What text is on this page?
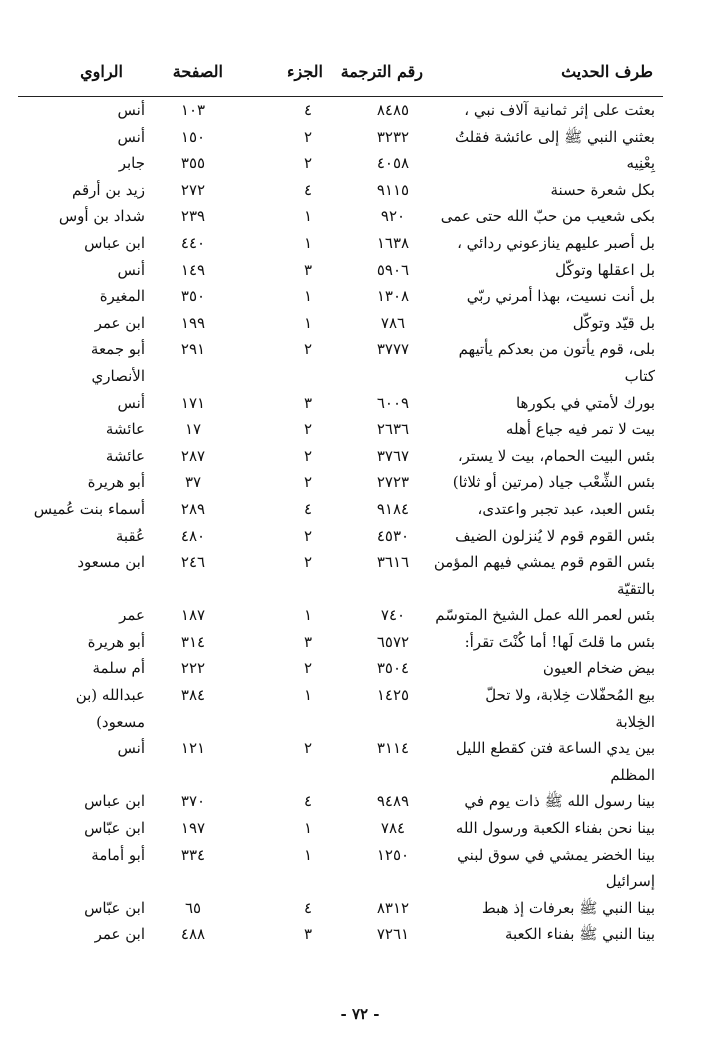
طرف الحديث
رقم الترجمة
الجزء
الصفحة
الراوي
بعثت على إثر ثمانية آلاف نبي ،
٨٤٨٥
٤
١٠٣
أنس
بعثني النبي ﷺ إلى عائشة فقلتُ
٣٢٣٢
٢
١٥٠
أنس
بِعْنِيه
٤٠٥٨
٢
٣٥٥
جابر
بكل شعرة حسنة
٩١١٥
٤
٢٧٢
زيد بن أرقم
بكى شعيب من حبّ الله حتى عمى
٩٢٠
١
٢٣٩
شداد بن أوس
بل أصبر عليهم ينازعوني ردائي ،
١٦٣٨
١
٤٤٠
ابن عباس
بل اعقلها وتوكّل
٥٩٠٦
٣
١٤٩
أنس
بل أنت نسيت، بهذا أمرني ربّي
١٣٠٨
١
٣٥٠
المغيرة
بل قيّد وتوكّل
٧٨٦
١
١٩٩
ابن عمر
بلى، قوم يأتون من بعدكم يأتيهم
٣٧٧٧
٢
٢٩١
أبو جمعة
كتاب
الأنصاري
بورك لأمتي في بكورها
٦٠٠٩
٣
١٧١
أنس
بيت لا تمر فيه جياع أهله
٢٦٣٦
٢
١٧
عائشة
بئس البيت الحمام، بيت لا يستر،
٣٧٦٧
٢
٢٨٧
عائشة
بئس الشِّعْب جياد (مرتين أو ثلاثا)
٢٧٢٣
٢
٣٧
أبو هريرة
بئس العبد، عبد تجبر واعتدى،
٩١٨٤
٤
٢٨٩
أسماء بنت عُميس
بئس القوم قوم لا يُنزلون الضيف
٤٥٣٠
٢
٤٨٠
عُقبة
بئس القوم قوم يمشي فيهم المؤمن
٣٦١٦
٢
٢٤٦
ابن مسعود
بالتقيّة
بئس لعمر الله عمل الشيخ المتوسّم
٧٤٠
١
١٨٧
عمر
بئس ما قلتَ لَها! أما كُنْتَ تقرأ:
٦٥٧٢
٣
٣١٤
أبو هريرة
بيض ضخام العيون
٣٥٠٤
٢
٢٢٢
أم سلمة
بيع المُحفّلات خِلابة، ولا تحلّ
١٤٢٥
١
٣٨٤
عبدالله (بن
الخِلابة
مسعود)
بين يدي الساعة فتن كقطع الليل
٣١١٤
٢
١٢١
أنس
المظلم
بينا رسول الله ﷺ ذات يوم في
٩٤٨٩
٤
٣٧٠
ابن عباس
بينا نحن بفناء الكعبة ورسول الله
٧٨٤
١
١٩٧
ابن عبّاس
بينا الخضر يمشي في سوق لبني
١٢٥٠
١
٣٣٤
أبو أمامة
إسرائيل
بينا النبي ﷺ بعرفات إذ هبط
٨٣١٢
٤
٦٥
ابن عبّاس
بينا النبي ﷺ بفناء الكعبة
٧٢٦١
٣
٤٨٨
ابن عمر
- ٧٢ -
